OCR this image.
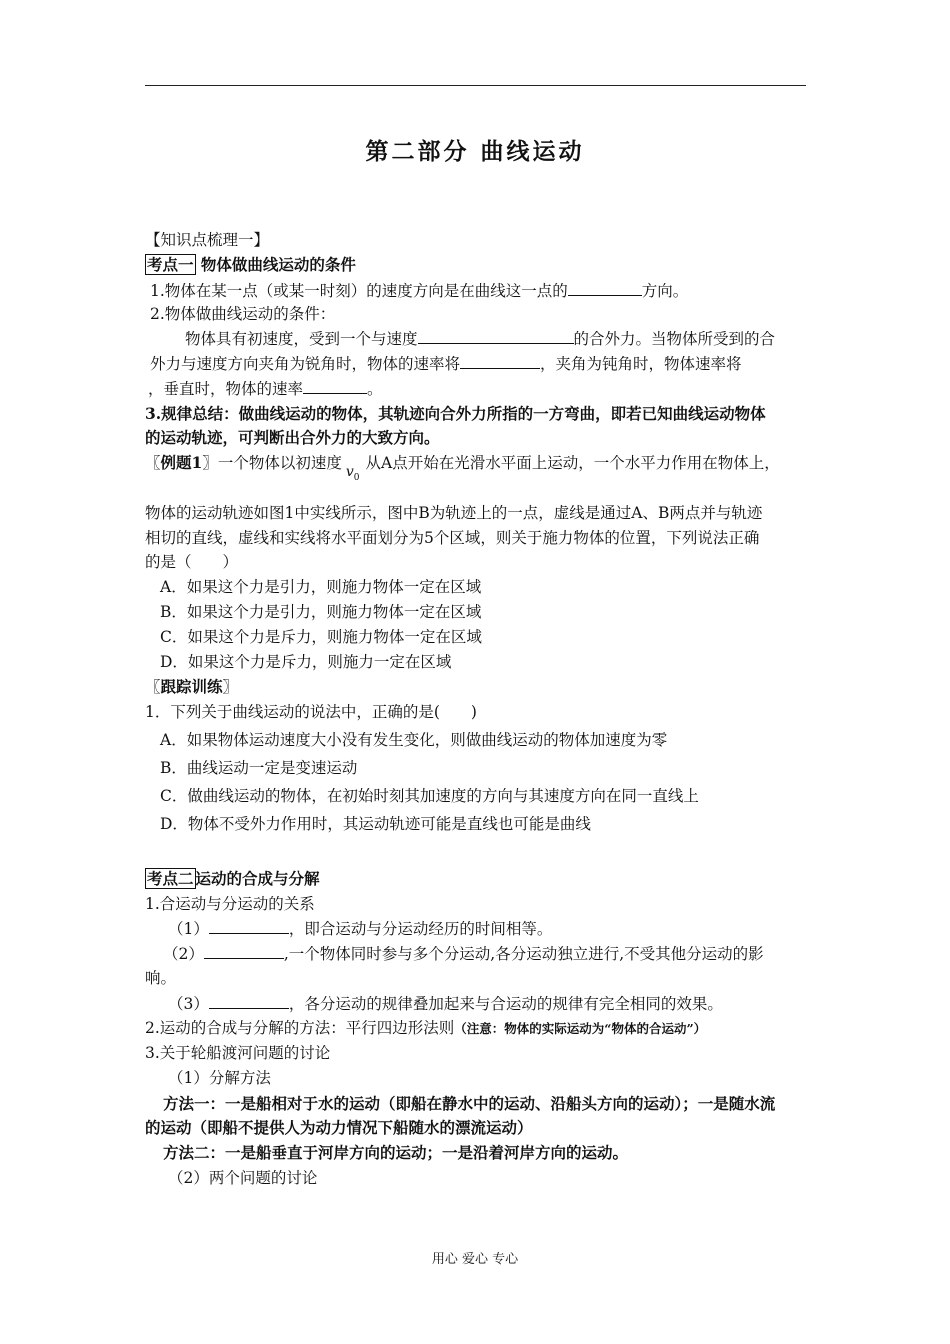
第二部分 曲线运动
【知识点梳理一】
考点一 物体做曲线运动的条件
1.物体在某一点（或某一时刻）的速度方向是在曲线这一点的	方向。
2.物体做曲线运动的条件：
物体具有初速度，受到一个与速度	的合外力。当物体所受到的合
外力与速度方向夹角为锐角时，物体的速率将	，夹角为钝角时，物体速率将
，垂直时，物体的速率	。
3.规律总结：做曲线运动的物体，其轨迹向合外力所指的一方弯曲，即若已知曲线运动物体
的运动轨迹，可判断出合外力的大致方向。
〖例题1〗一个物体以初速度 $v_0$从A点开始在光滑水平面上运动，一个水平力作用在物体上，
物体的运动轨迹如图1中实线所示，图中B为轨迹上的一点，虚线是通过A、B两点并与轨迹
相切的直线，虚线和实线将水平面划分为5个区域，则关于施力物体的位置，下列说法正确
的是（　　）
A．如果这个力是引力，则施力物体一定在区域
B．如果这个力是引力，则施力物体一定在区域
C．如果这个力是斥力，则施力物体一定在区域
D．如果这个力是斥力，则施力一定在区域
〖跟踪训练〗
1．下列关于曲线运动的说法中，正确的是(　　)
A．如果物体运动速度大小没有发生变化，则做曲线运动的物体加速度为零
B．曲线运动一定是变速运动
C．做曲线运动的物体，在初始时刻其加速度的方向与其速度方向在同一直线上
D．物体不受外力作用时，其运动轨迹可能是直线也可能是曲线
考点二 运动的合成与分解
1.合运动与分运动的关系
（1）	，即合运动与分运动经历的时间相等。
（2）	,一个物体同时参与多个分运动,各分运动独立进行,不受其他分运动的影
响。
（3）	，各分运动的规律叠加起来与合运动的规律有完全相同的效果。
2.运动的合成与分解的方法：平行四边形法则（注意：物体的实际运动为“物体的合运动”）
3.关于轮船渡河问题的讨论
（1）分解方法
方法一：一是船相对于水的运动（即船在静水中的运动、沿船头方向的运动）；一是随水流
的运动（即船不提供人为动力情况下船随水的漂流运动）
方法二：一是船垂直于河岸方向的运动；一是沿着河岸方向的运动。
（2）两个问题的讨论
用心 爱心 专心
